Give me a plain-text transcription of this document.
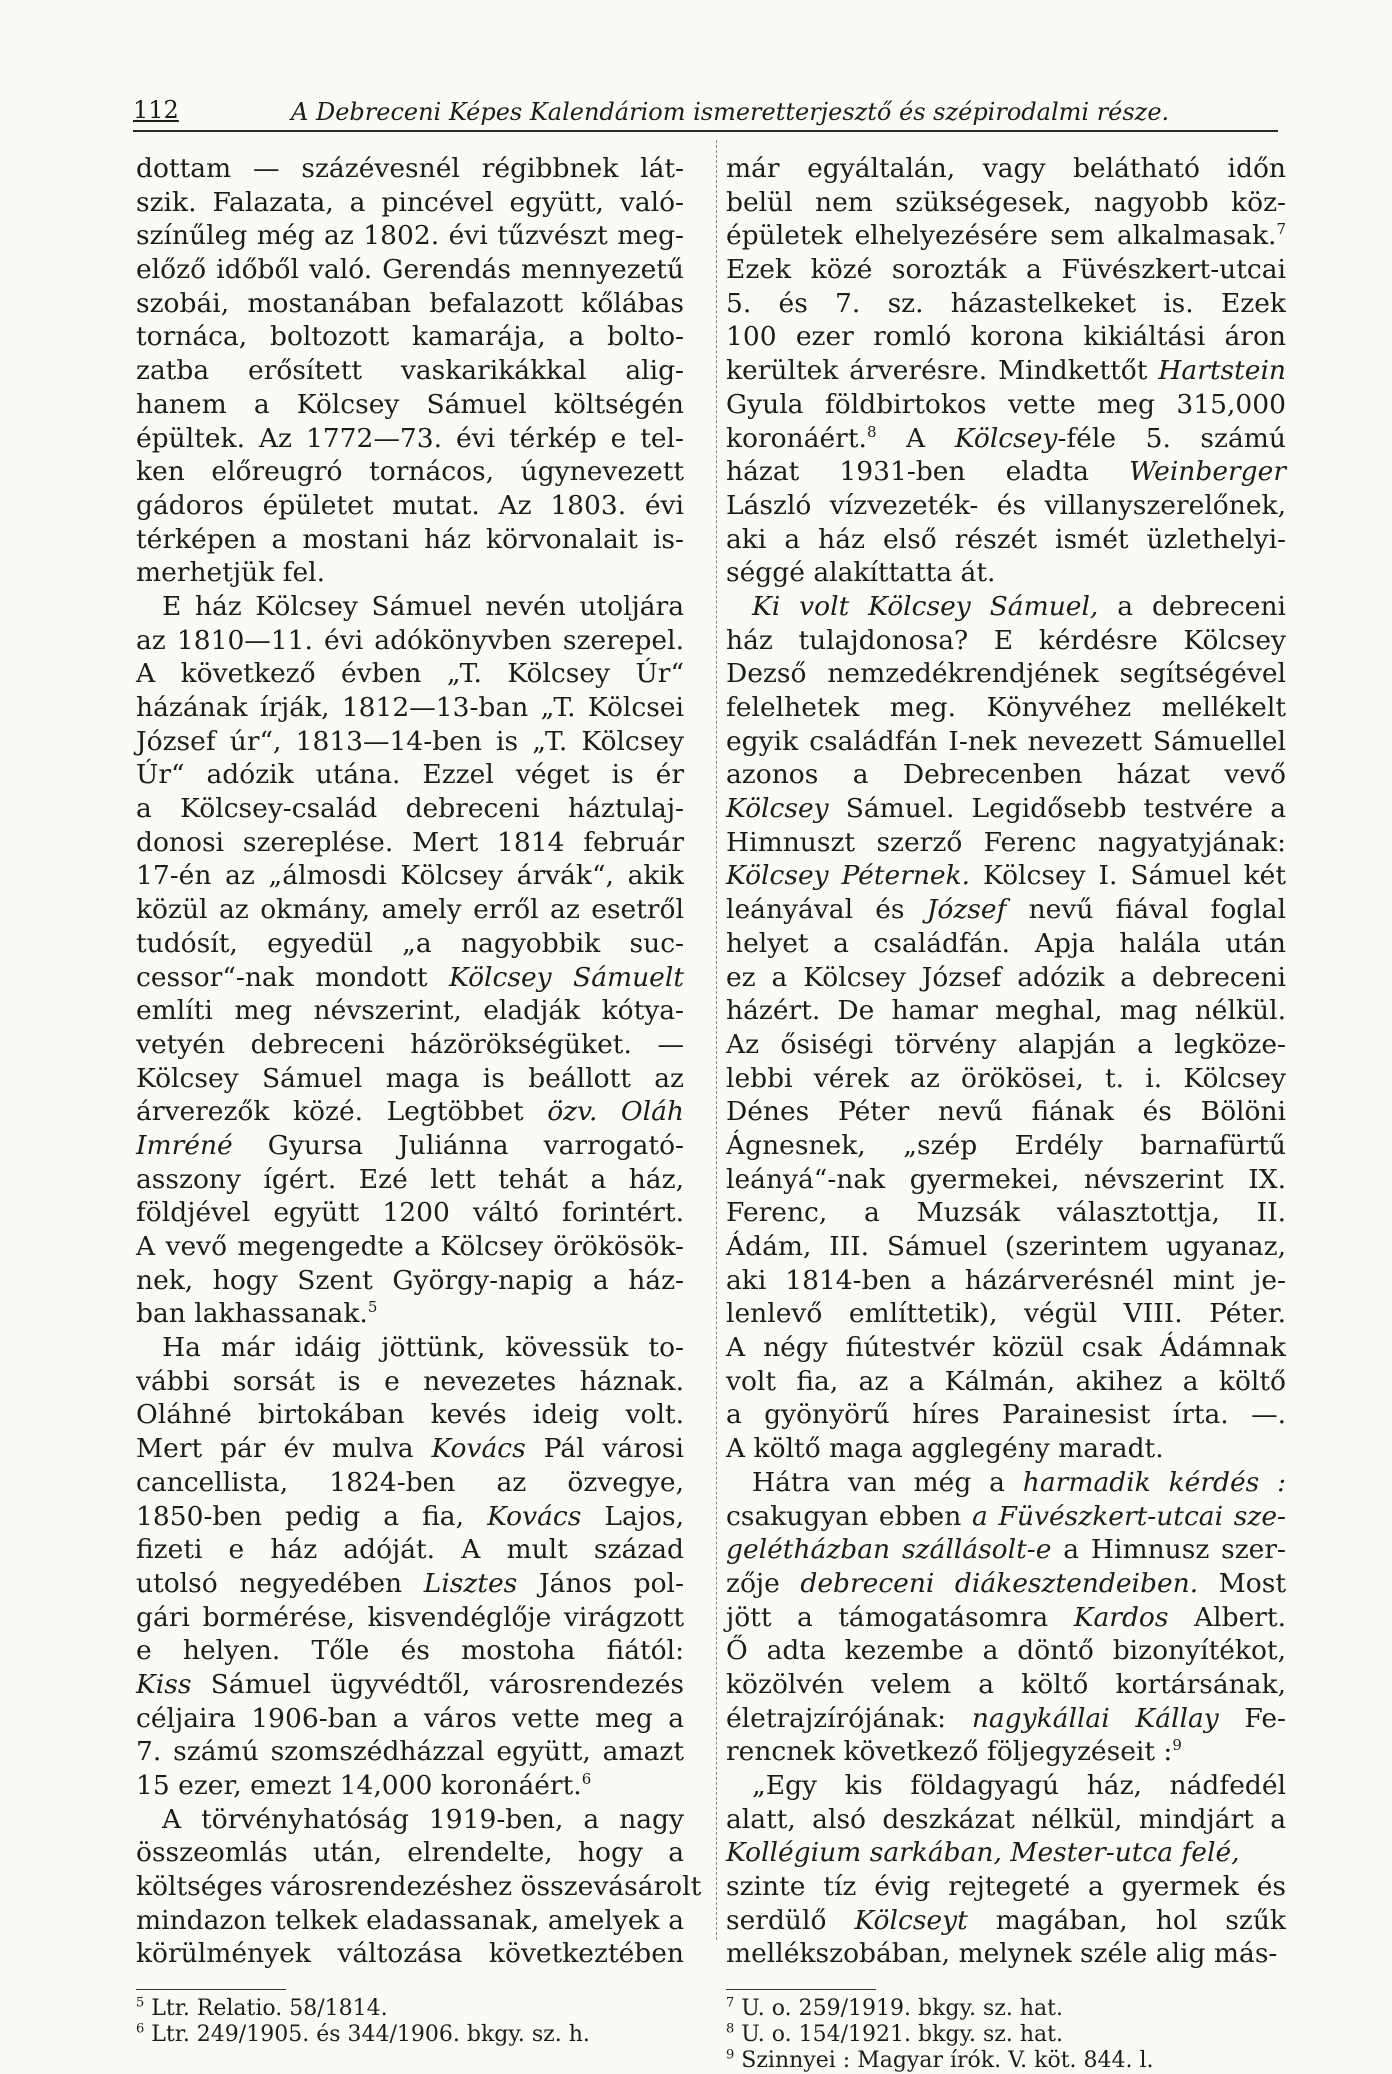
112	A Debreceni Képes Kalendáriom ismeretterjesztő és szépirodalmi része.
dottam — százévesnél régibbnek lát-
szik. Falazata, a pincével együtt, való-
színűleg még az 1802. évi tűzvészt meg-
előző időből való. Gerendás mennyezetű
szobái, mostanában befalazott kőlábas
tornáca, boltozott kamarája, a bolto-
zatba erősített vaskarikákkal alig-
hanem a Kölcsey Sámuel költségén
épültek. Az 1772—73. évi térkép e tel-
ken előreugró tornácos, úgynevezett
gádoros épületet mutat. Az 1803. évi
térképen a mostani ház körvonalait is-
merhetjük fel.
E ház Kölcsey Sámuel nevén utoljára
az 1810—11. évi adókönyvben szerepel.
A következő évben „T. Kölcsey Úr“
házának írják, 1812—13-ban „T. Kölcsei
József úr“, 1813—14-ben is „T. Kölcsey
Úr“ adózik utána. Ezzel véget is ér
a Kölcsey-család debreceni háztulaj-
donosi szereplése. Mert 1814 február
17-én az „álmosdi Kölcsey árvák“, akik
közül az okmány, amely erről az esetről
tudósít, egyedül „a nagyobbik suc-
cessor“-nak mondott Kölcsey Sámuelt
említi meg névszerint, eladják kótya-
vetyén debreceni házörökségüket. —
Kölcsey Sámuel maga is beállott az
árverezők közé. Legtöbbet özv. Oláh
Imréné Gyursa Juliánna varrogató-
asszony ígért. Ezé lett tehát a ház,
földjével együtt 1200 váltó forintért.
A vevő megengedte a Kölcsey örökösök-
nek, hogy Szent György-napig a ház-
ban lakhassanak.$^5$
Ha már idáig jöttünk, kövessük to-
vábbi sorsát is e nevezetes háznak.
Oláhné birtokában kevés ideig volt.
Mert pár év mulva Kovács Pál városi
cancellista, 1824-ben az özvegye,
1850-ben pedig a fia, Kovács Lajos,
fizeti e ház adóját. A mult század
utolsó negyedében Lisztes János pol-
gári bormérése, kisvendéglője virágzott
e helyen. Tőle és mostoha fiától:
Kiss Sámuel ügyvédtől, városrendezés
céljaira 1906-ban a város vette meg a
7. számú szomszédházzal együtt, amazt
15 ezer, emezt 14,000 koronáért.$^6$
A törvényhatóság 1919-ben, a nagy
összeomlás után, elrendelte, hogy a
költséges városrendezéshez összevásárolt
mindazon telkek eladassanak, amelyek a
körülmények változása következtében
$^5$ Ltr. Relatio. 58/1814.
$^6$ Ltr. 249/1905. és 344/1906. bkgy. sz. h.
már egyáltalán, vagy belátható időn
belül nem szükségesek, nagyobb köz-
épületek elhelyezésére sem alkalmasak.$^7$
Ezek közé sorozták a Füvészkert-utcai
5. és 7. sz. házastelkeket is. Ezek
100 ezer romló korona kikiáltási áron
kerültek árverésre. Mindkettőt Hartstein
Gyula földbirtokos vette meg 315,000
koronáért.$^8$ A Kölcsey-féle 5. számú
házat 1931-ben eladta Weinberger
László vízvezeték- és villanyszerelőnek,
aki a ház első részét ismét üzlethelyi-
séggé alakíttatta át.
Ki volt Kölcsey Sámuel, a debreceni
ház tulajdonosa? E kérdésre Kölcsey
Dezső nemzedékrendjének segítségével
felelhetek meg. Könyvéhez mellékelt
egyik családfán I-nek nevezett Sámuellel
azonos a Debrecenben házat vevő
Kölcsey Sámuel. Legidősebb testvére a
Himnuszt szerző Ferenc nagyatyjának:
Kölcsey Péternek. Kölcsey I. Sámuel két
leányával és József nevű fiával foglal
helyet a családfán. Apja halála után
ez a Kölcsey József adózik a debreceni
házért. De hamar meghal, mag nélkül.
Az ősiségi törvény alapján a legköze-
lebbi vérek az örökösei, t. i. Kölcsey
Dénes Péter nevű fiának és Bölöni
Ágnesnek, „szép Erdély barnafürtű
leányá“-nak gyermekei, névszerint IX.
Ferenc, a Muzsák választottja, II.
Ádám, III. Sámuel (szerintem ugyanaz,
aki 1814-ben a házárverésnél mint je-
lenlevő említtetik), végül VIII. Péter.
A négy fiútestvér közül csak Ádámnak
volt fia, az a Kálmán, akihez a költő
a gyönyörű híres Parainesist írta. —.
A költő maga agglegény maradt.
Hátra van még a harmadik kérdés :
csakugyan ebben a Füvészkert-utcai sze-
gelétházban szállásolt-e a Himnusz szer-
zője debreceni diákesztendeiben. Most
jött a támogatásomra Kardos Albert.
Ő adta kezembe a döntő bizonyítékot,
közölvén velem a költő kortársának,
életrajzírójának: nagykállai Kállay Fe-
rencnek következő följegyzéseit :$^9$
„Egy kis földagyagú ház, nádfedél
alatt, alsó deszkázat nélkül, mindjárt a
Kollégium sarkában, Mester-utca felé,
szinte tíz évig rejtegeté a gyermek és
serdülő Kölcseyt magában, hol szűk
mellékszobában, melynek széle alig más-
$^7$ U. o. 259/1919. bkgy. sz. hat.
$^8$ U. o. 154/1921. bkgy. sz. hat.
$^9$ Szinnyei : Magyar írók. V. köt. 844. l.
